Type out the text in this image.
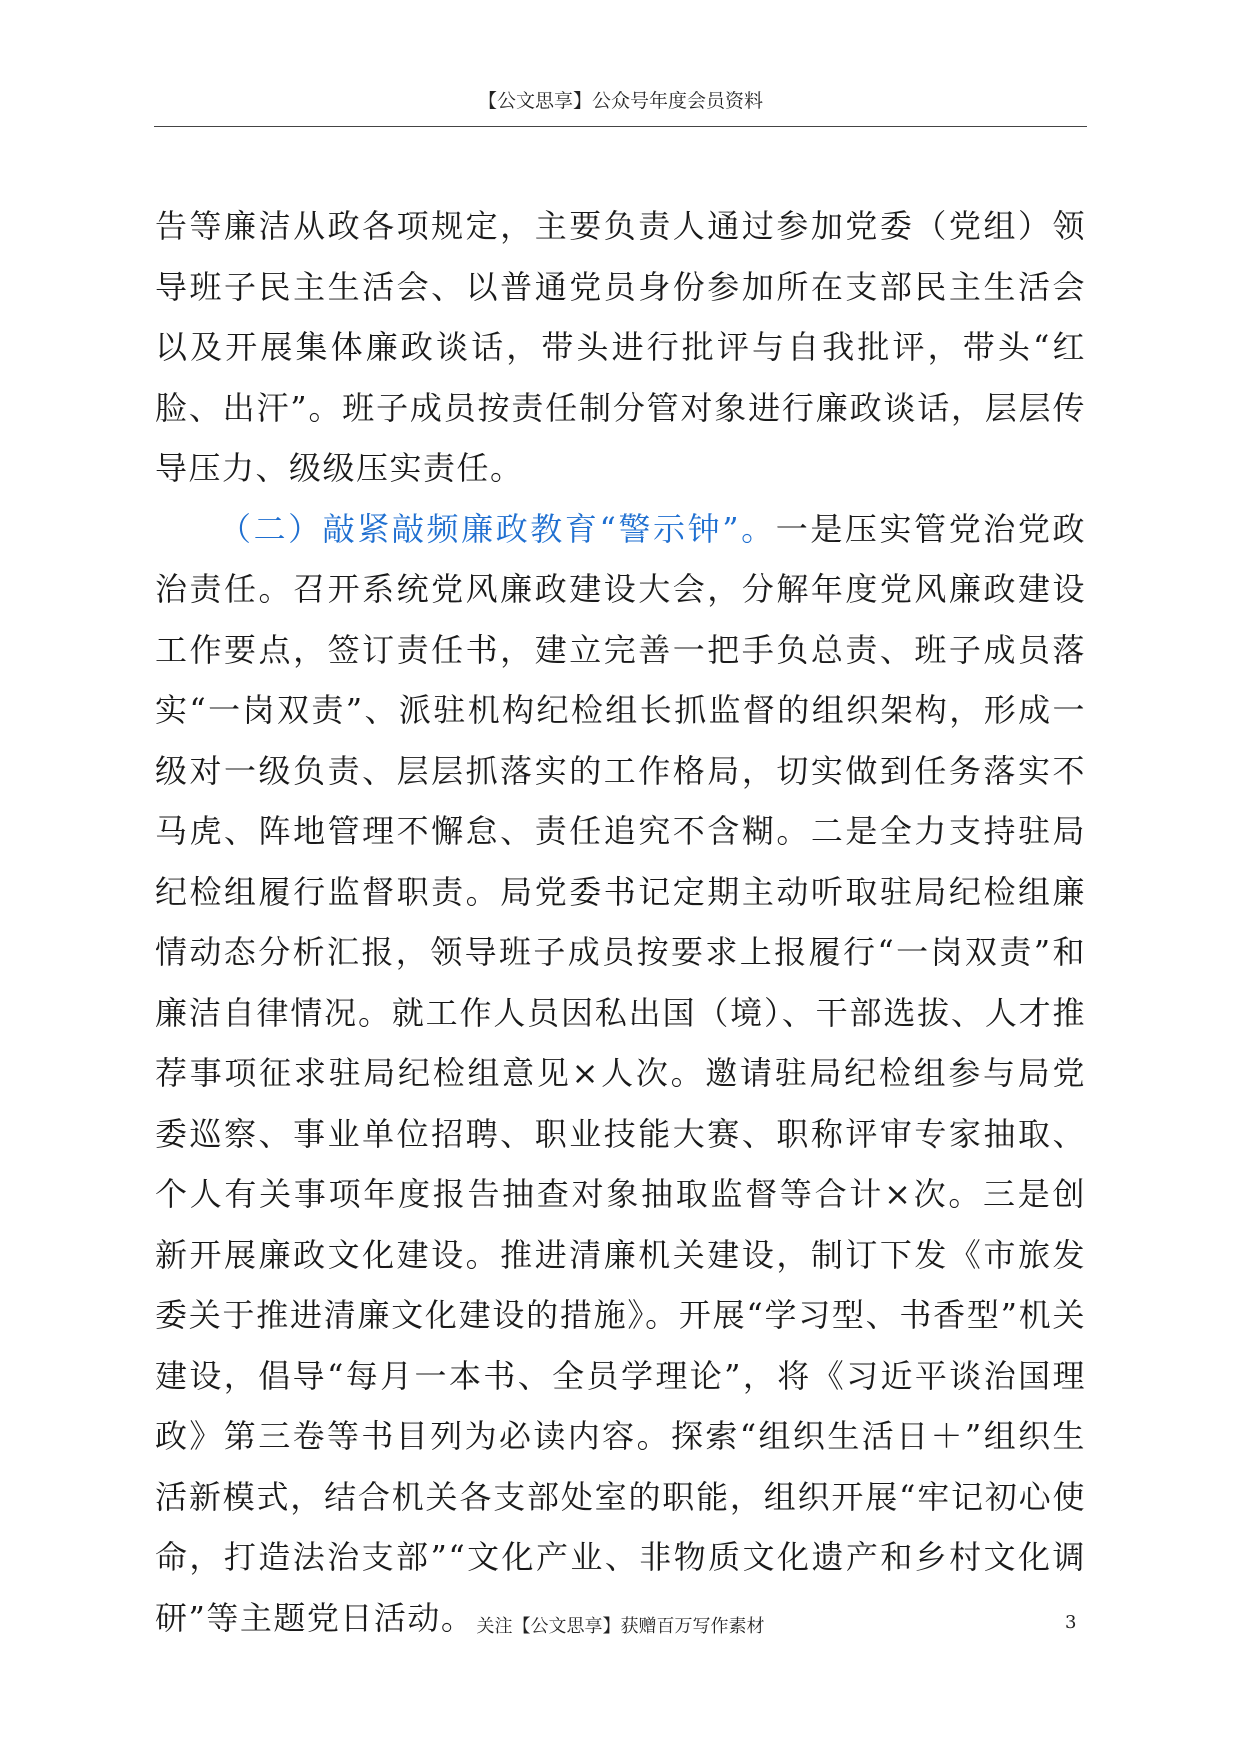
【公文思享】公众号年度会员资料

告等廉洁从政各项规定，主要负责人通过参加党委（党组）领导班子民主生活会、以普通党员身份参加所在支部民主生活会以及开展集体廉政谈话，带头进行批评与自我批评，带头“红脸、出汗”。班子成员按责任制分管对象进行廉政谈话，层层传导压力、级级压实责任。

（二）敲紧敲频廉政教育“警示钟”。一是压实管党治党政治责任。召开系统党风廉政建设大会，分解年度党风廉政建设工作要点，签订责任书，建立完善一把手负总责、班子成员落实“一岗双责”、派驻机构纪检组长抓监督的组织架构，形成一级对一级负责、层层抓落实的工作格局，切实做到任务落实不马虎、阵地管理不懈怠、责任追究不含糊。二是全力支持驻局纪检组履行监督职责。局党委书记定期主动听取驻局纪检组廉情动态分析汇报，领导班子成员按要求上报履行“一岗双责”和廉洁自律情况。就工作人员因私出国（境）、干部选拔、人才推荐事项征求驻局纪检组意见×人次。邀请驻局纪检组参与局党委巡察、事业单位招聘、职业技能大赛、职称评审专家抽取、个人有关事项年度报告抽查对象抽取监督等合计×次。三是创新开展廉政文化建设。推进清廉机关建设，制订下发《市旅发委关于推进清廉文化建设的措施》。开展“学习型、书香型”机关建设，倡导“每月一本书、全员学理论”，将《习近平谈治国理政》第三卷等书目列为必读内容。探索“组织生活日＋”组织生活新模式，结合机关各支部处室的职能，组织开展“牢记初心使命，打造法治支部”“文化产业、非物质文化遗产和乡村文化调研”等主题党日活动。 关注【公文思享】获赠百万写作素材	3
